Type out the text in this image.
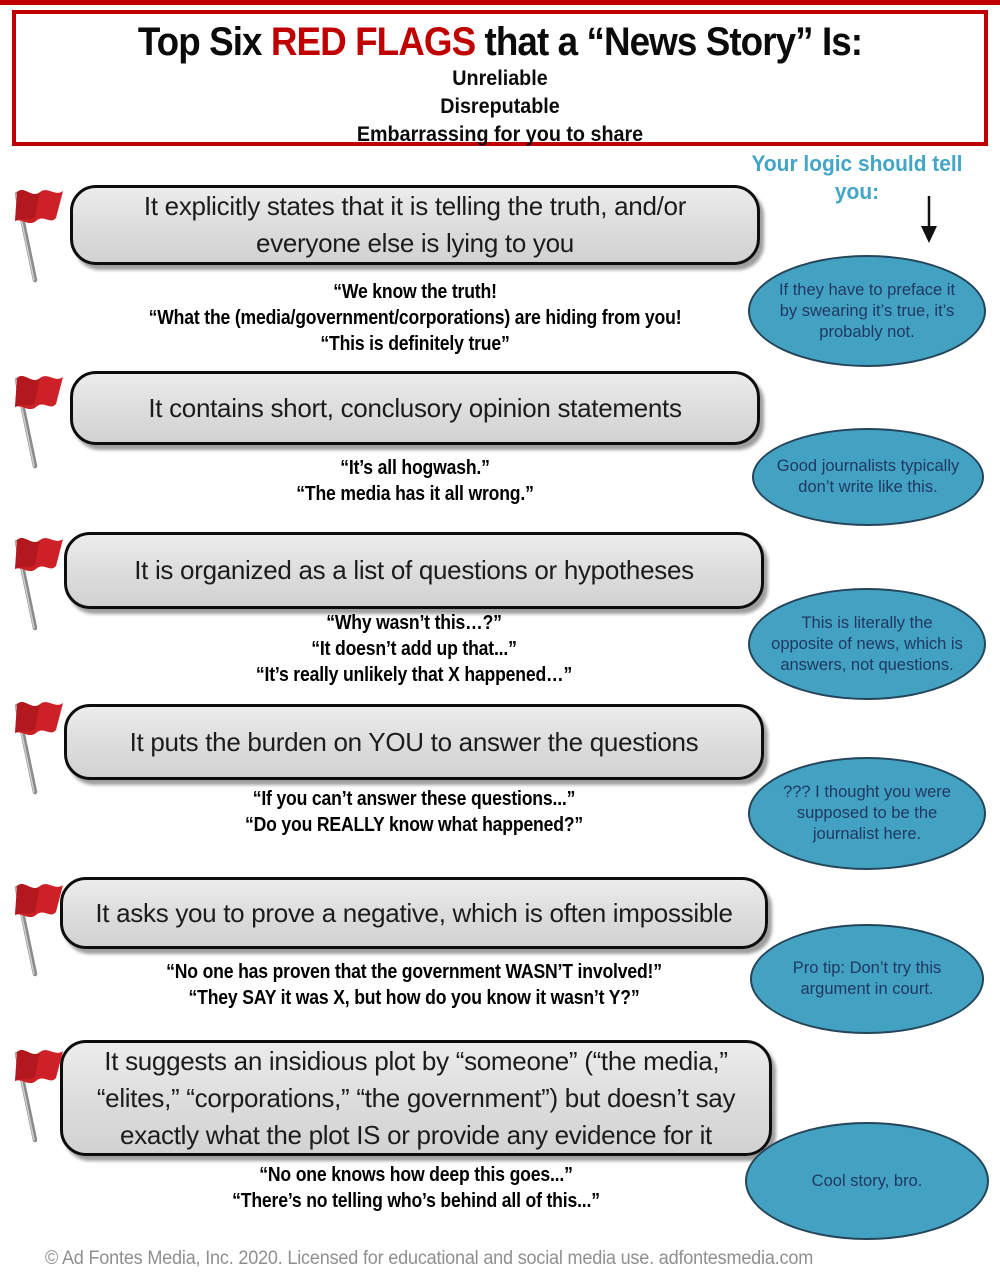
Top Six RED FLAGS that a “News Story” Is:
Unreliable
Disreputable
Embarrassing for you to share
Your logic should tell you:
It explicitly states that it is telling the truth, and/or everyone else is lying to you
“We know the truth!
“What the (media/government/corporations) are hiding from you!
“This is definitely true”
If they have to preface it by swearing it’s true, it’s probably not.
It contains short, conclusory opinion statements
“It’s all hogwash.”
“The media has it all wrong.”
Good journalists typically don’t write like this.
It is organized as a list of questions or hypotheses
“Why wasn’t this…?”
“It doesn’t add up that...”
“It’s really unlikely that X happened…”
This is literally the opposite of news, which is answers, not questions.
It puts the burden on YOU to answer the questions
“If you can’t answer these questions...”
“Do you REALLY know what happened?”
??? I thought you were supposed to be the journalist here.
It asks you to prove a negative, which is often impossible
“No one has proven that the government WASN’T involved!”
“They SAY it was X, but how do you know it wasn’t Y?”
Pro tip: Don’t try this argument in court.
It suggests an insidious plot by “someone” (“the media,” “elites,” “corporations,” “the government”) but doesn’t say exactly what the plot IS or provide any evidence for it
“No one knows how deep this goes...”
“There’s no telling who’s behind all of this...”
Cool story, bro.
© Ad Fontes Media, Inc. 2020. Licensed for educational and social media use. adfontesmedia.com
